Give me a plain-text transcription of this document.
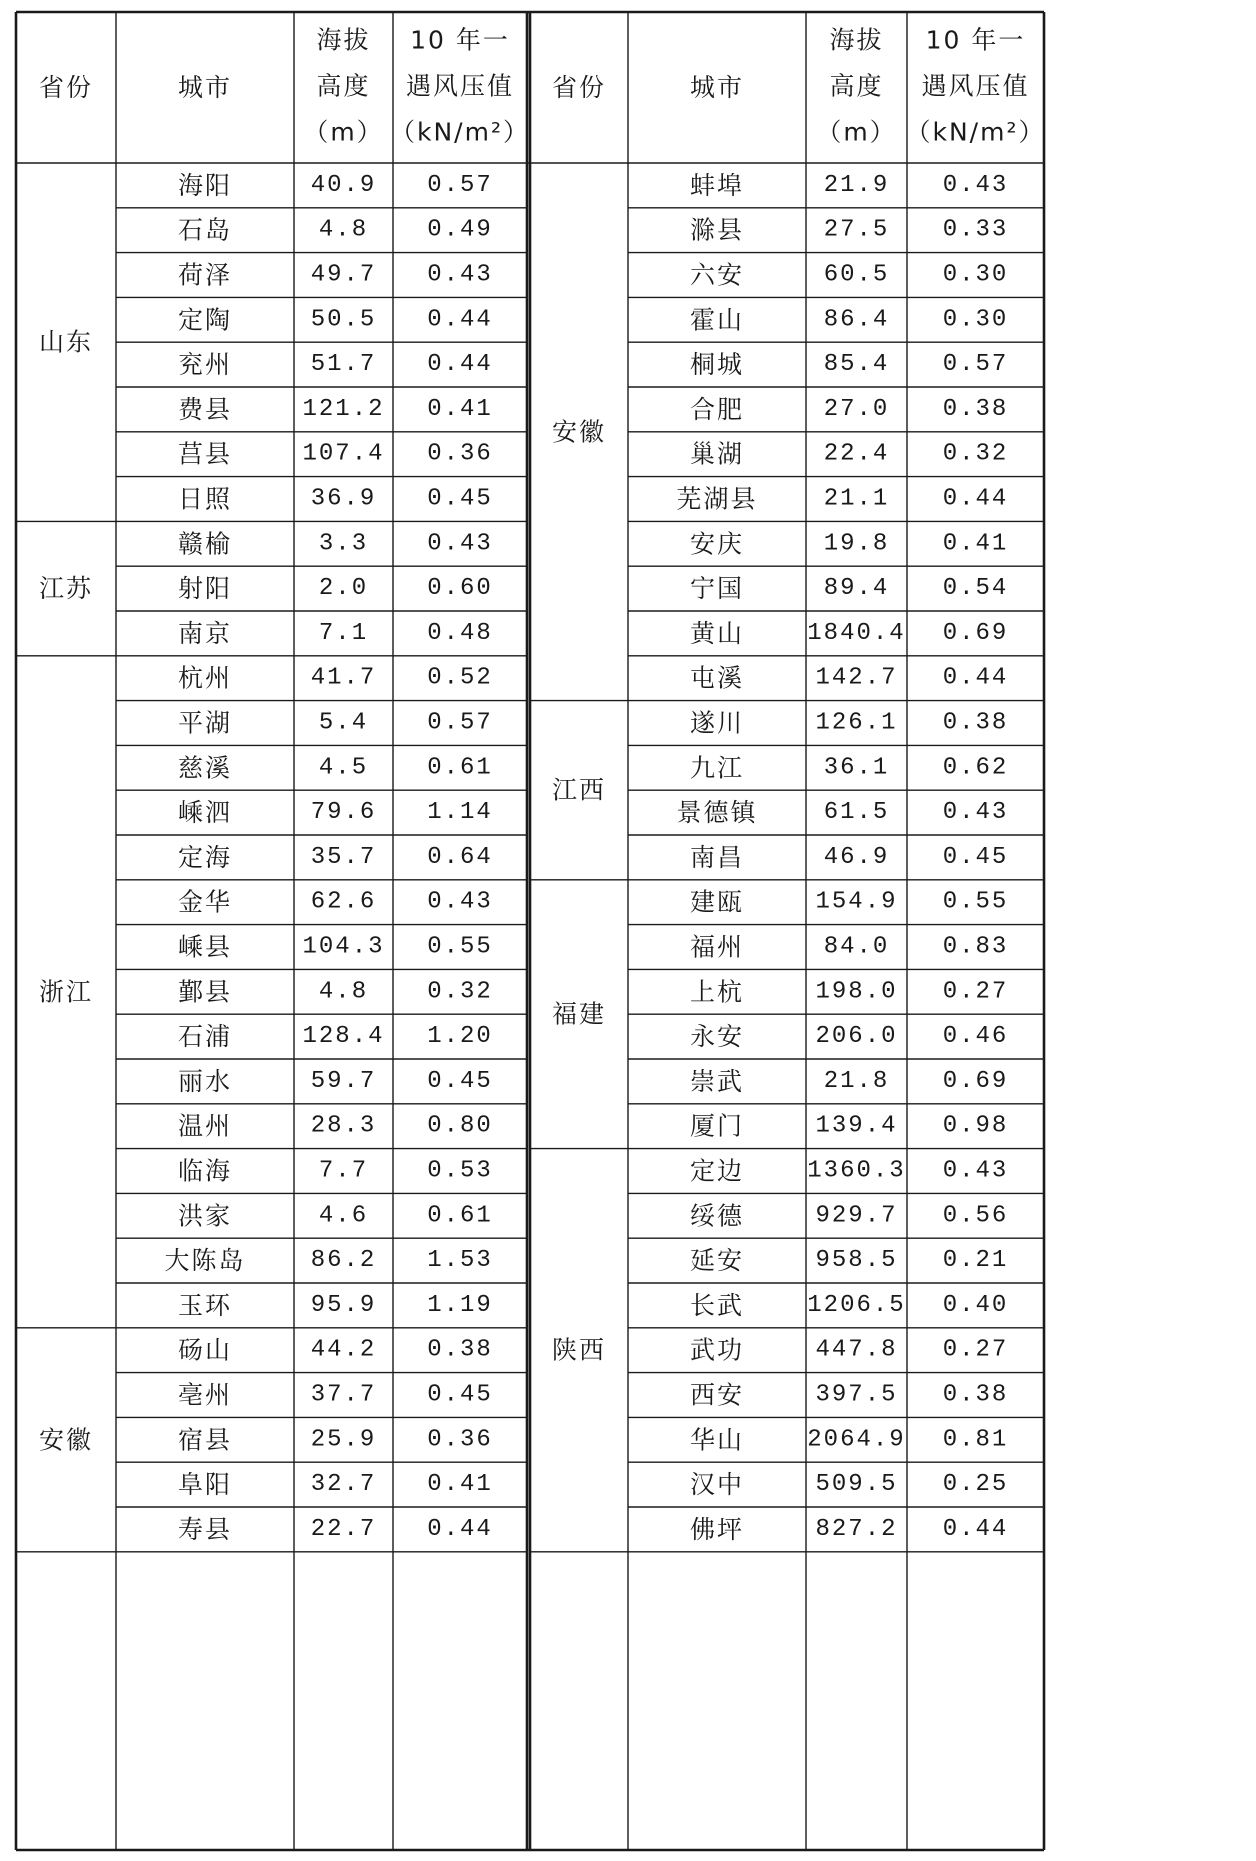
省份	城市
海拔 10 年一
高度 遇风压值
（m） （kN/m²）
海阳	40.9 0.57
石岛	4.8 0.49
荷泽	49.7 0.43
定陶	50.5 0.44
兖州	51.7 0.44
费县	121.2 0.41
莒县	107.4 0.36
日照	36.9 0.45
山东
赣榆	3.3 0.43
射阳	2.0 0.60
南京	7.1 0.48
江苏
杭州	41.7 0.52
平湖	5.4 0.57
慈溪	4.5 0.61
嵊泗	79.6 1.14
定海	35.7 0.64
金华	62.6 0.43
嵊县	104.3 0.55
鄞县	4.8 0.32
石浦	128.4 1.20
丽水	59.7 0.45
温州	28.3 0.80
临海	7.7 0.53
洪家	4.6 0.61
大陈岛	86.2 1.53
玉环	95.9 1.19
浙江
砀山	44.2 0.38
亳州	37.7 0.45
宿县	25.9 0.36
阜阳	32.7 0.41
寿县	22.7 0.44
安徽
省份	城市
海拔 10 年一
高度 遇风压值
（m） （kN/m²）
蚌埠	21.9 0.43
滁县	27.5 0.33
六安	60.5 0.30
霍山	86.4 0.30
桐城	85.4 0.57
合肥	27.0 0.38
巢湖	22.4 0.32
芜湖县	21.1 0.44
安庆	19.8 0.41
宁国	89.4 0.54
黄山	1840.4 0.69
屯溪	142.7 0.44
安徽
遂川	126.1 0.38
九江	36.1 0.62
景德镇	61.5 0.43
南昌	46.9 0.45
江西
建瓯	154.9 0.55
福州	84.0 0.83
上杭	198.0 0.27
永安	206.0 0.46
崇武	21.8 0.69
厦门	139.4 0.98
福建
定边	1360.3 0.43
绥德	929.7 0.56
延安	958.5 0.21
长武	1206.5 0.40
武功	447.8 0.27
西安	397.5 0.38
华山	2064.9 0.81
汉中	509.5 0.25
佛坪	827.2 0.44
陕西
